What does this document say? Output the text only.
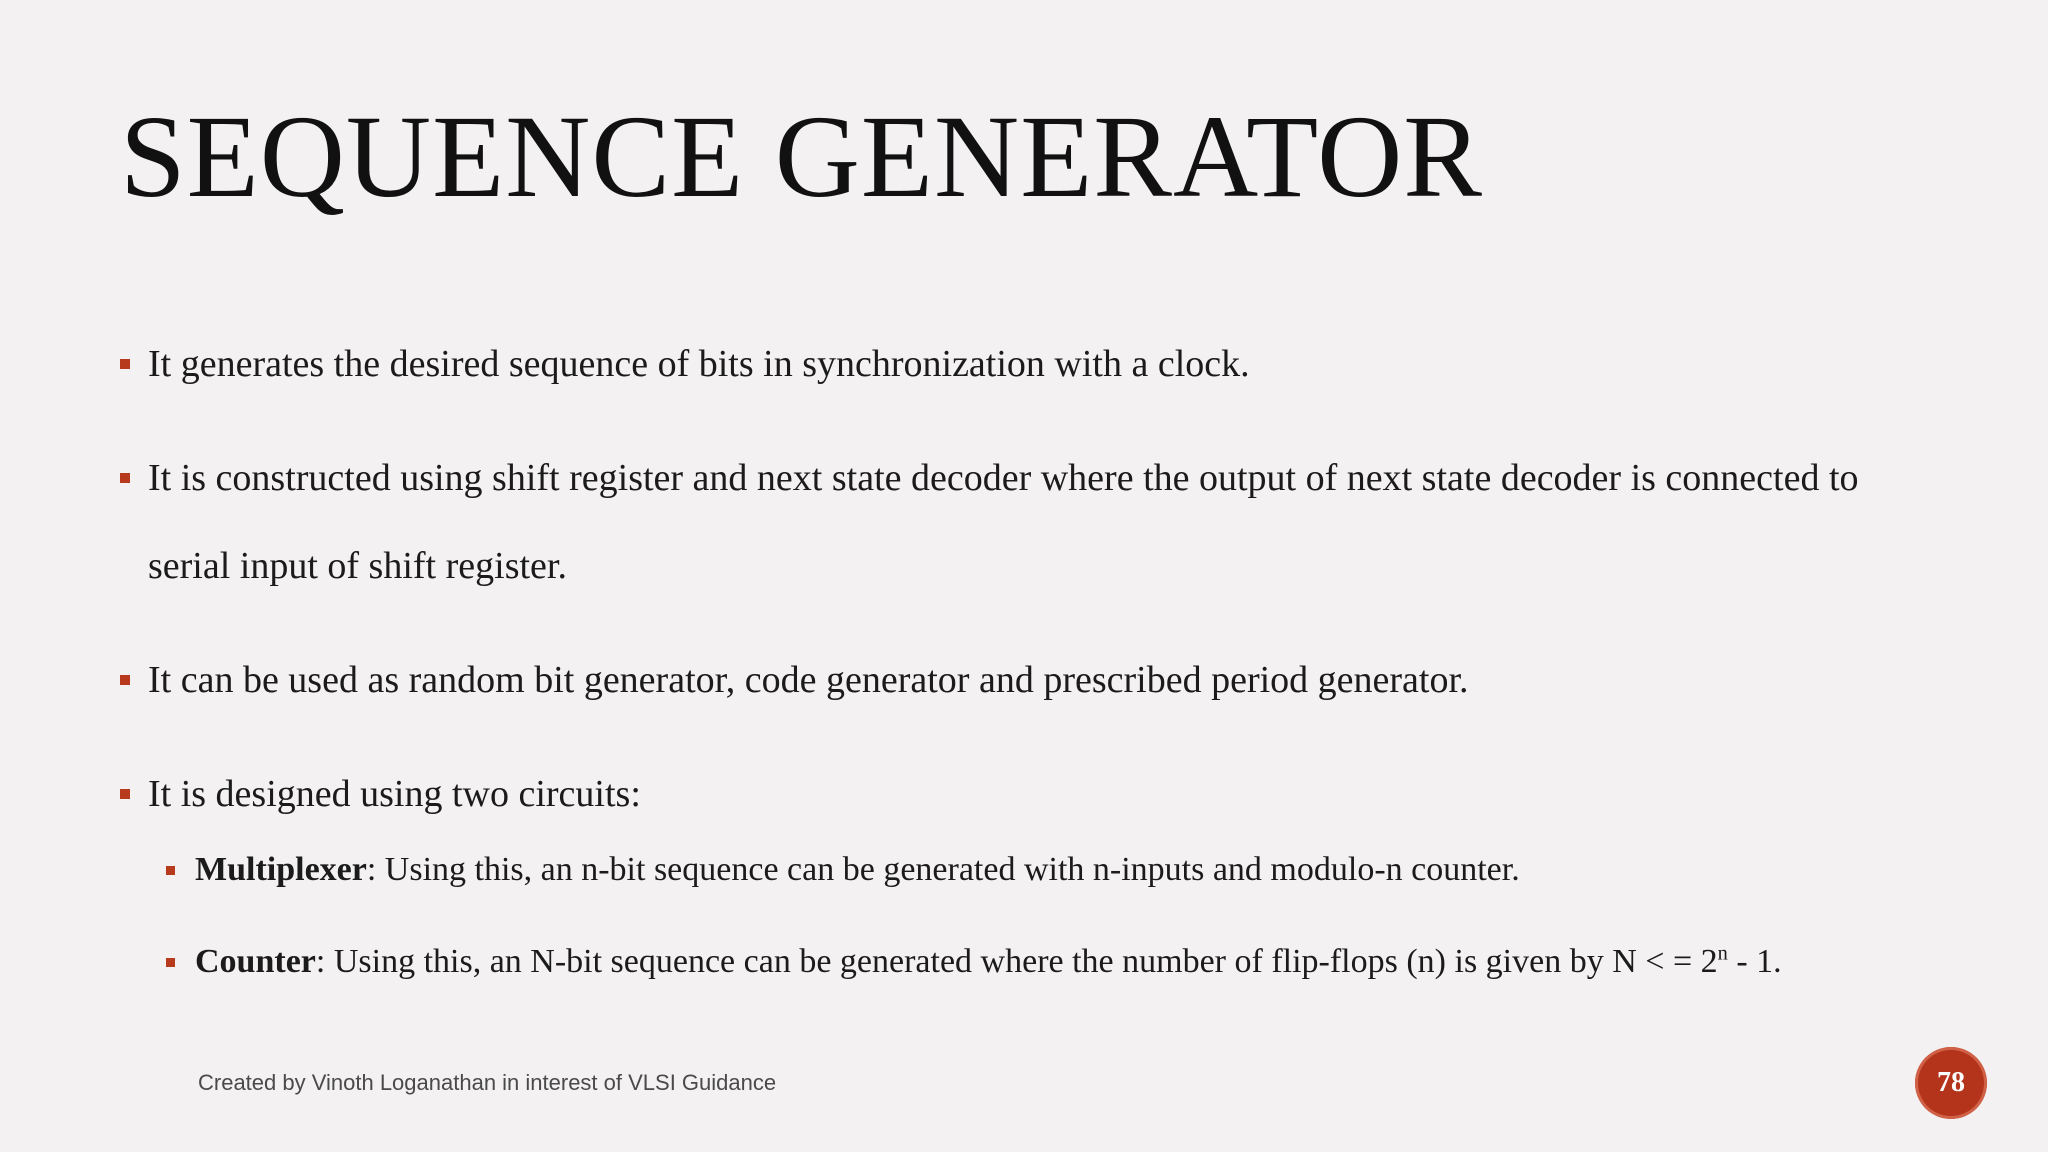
SEQUENCE GENERATOR
It generates the desired sequence of bits in synchronization with a clock.
It is constructed using shift register and next state decoder where the output of next state decoder is connected to serial input of shift register.
It can be used as random bit generator, code generator and prescribed period generator.
It is designed using two circuits:
Multiplexer: Using this, an n-bit sequence can be generated with n-inputs and modulo-n counter.
Counter: Using this, an N-bit sequence can be generated where the number of flip-flops (n) is given by N < = $2^n - 1$.
Created by Vinoth Loganathan in interest of VLSI Guidance	78
